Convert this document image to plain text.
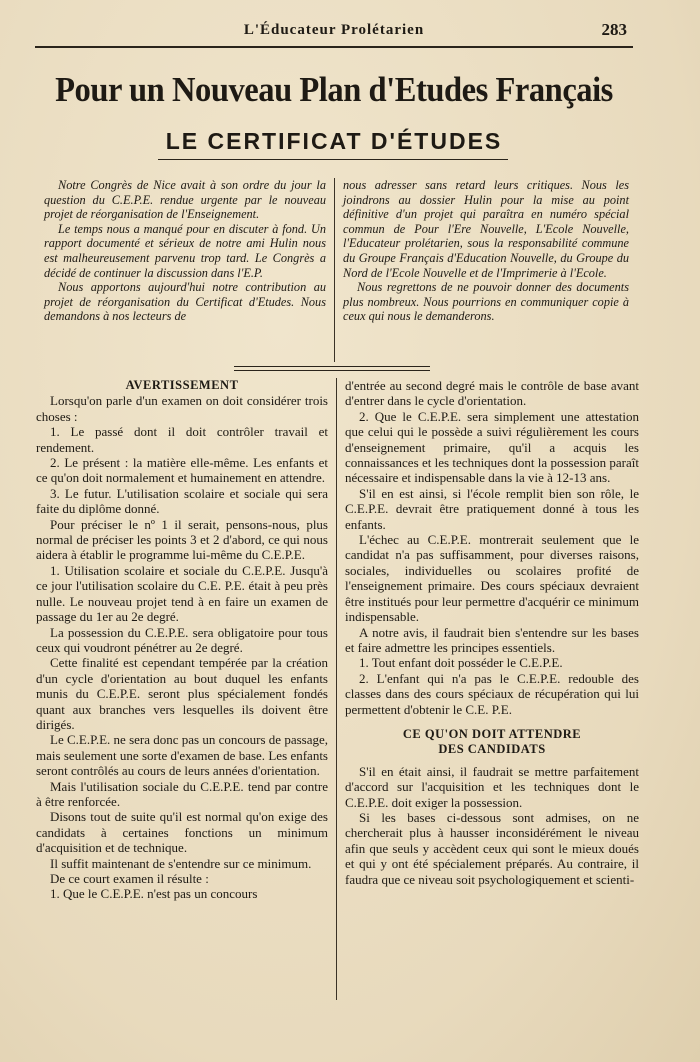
L'Éducateur Prolétarien	283
Pour un Nouveau Plan d'Etudes Français
LE CERTIFICAT D'ÉTUDES

Notre Congrès de Nice avait à son ordre du jour la question du C.E.P.E. rendue urgente par le nouveau projet de réorganisation de l'Enseignement.

Le temps nous a manqué pour en discuter à fond. Un rapport documenté et sérieux de notre ami Hulin nous est malheureusement parvenu trop tard. Le Congrès a décidé de continuer la discussion dans l'E.P.

Nous apportons aujourd'hui notre contribution au projet de réorganisation du Certificat d'Etudes. Nous demandons à nos lecteurs de

nous adresser sans retard leurs critiques. Nous les joindrons au dossier Hulin pour la mise au point définitive d'un projet qui paraîtra en numéro spécial commun de Pour l'Ere Nouvelle, L'Ecole Nouvelle, l'Educateur prolétarien, sous la responsabilité commune du Groupe Français d'Education Nouvelle, du Groupe du Nord de l'Ecole Nouvelle et de l'Imprimerie à l'Ecole.

Nous regrettons de ne pouvoir donner des documents plus nombreux. Nous pourrions en communiquer copie à ceux qui nous le demanderons.

AVERTISSEMENT

Lorsqu'on parle d'un examen on doit considérer trois choses :

1. Le passé dont il doit contrôler travail et rendement.

2. Le présent : la matière elle-même. Les enfants et ce qu'on doit normalement et humainement en attendre.

3. Le futur. L'utilisation scolaire et sociale qui sera faite du diplôme donné.

Pour préciser le nº 1 il serait, pensons-nous, plus normal de préciser les points 3 et 2 d'abord, ce qui nous aidera à établir le programme lui-même du C.E.P.E.

1. Utilisation scolaire et sociale du C.E.P.E. Jusqu'à ce jour l'utilisation scolaire du C.E. P.E. était à peu près nulle. Le nouveau projet tend à en faire un examen de passage du 1er au 2e degré.

La possession du C.E.P.E. sera obligatoire pour tous ceux qui voudront pénétrer au 2e degré.

Cette finalité est cependant tempérée par la création d'un cycle d'orientation au bout duquel les enfants munis du C.E.P.E. seront plus spécialement fondés quant aux branches vers lesquelles ils doivent être dirigés.

Le C.E.P.E. ne sera donc pas un concours de passage, mais seulement une sorte d'examen de base. Les enfants seront contrôlés au cours de leurs années d'orientation.

Mais l'utilisation sociale du C.E.P.E. tend par contre à être renforcée.

Disons tout de suite qu'il est normal qu'on exige des candidats à certaines fonctions un minimum d'acquisition et de technique.

Il suffit maintenant de s'entendre sur ce minimum.

De ce court examen il résulte :

1. Que le C.E.P.E. n'est pas un concours

d'entrée au second degré mais le contrôle de base avant d'entrer dans le cycle d'orientation.

2. Que le C.E.P.E. sera simplement une attestation que celui qui le possède a suivi régulièrement les cours d'enseignement primaire, qu'il a acquis les connaissances et les techniques dont la possession paraît nécessaire et indispensable dans la vie à 12-13 ans.

S'il en est ainsi, si l'école remplit bien son rôle, le C.E.P.E. devrait être pratiquement donné à tous les enfants.

L'échec au C.E.P.E. montrerait seulement que le candidat n'a pas suffisamment, pour diverses raisons, sociales, individuelles ou scolaires profité de l'enseignement primaire. Des cours spéciaux devraient être institués pour leur permettre d'acquérir ce minimum indispensable.

A notre avis, il faudrait bien s'entendre sur les bases et faire admettre les principes essentiels.

1. Tout enfant doit posséder le C.E.P.E.

2. L'enfant qui n'a pas le C.E.P.E. redouble des classes dans des cours spéciaux de récupération qui lui permettent d'obtenir le C.E. P.E.

CE QU'ON DOIT ATTENDRE

DES CANDIDATS

S'il en était ainsi, il faudrait se mettre parfaitement d'accord sur l'acquisition et les techniques dont le C.E.P.E. doit exiger la possession.

Si les bases ci-dessous sont admises, on ne chercherait plus à hausser inconsidérément le niveau afin que seuls y accèdent ceux qui sont le mieux doués et qui y ont été spécialement préparés. Au contraire, il faudra que ce niveau soit psychologiquement et scienti-
